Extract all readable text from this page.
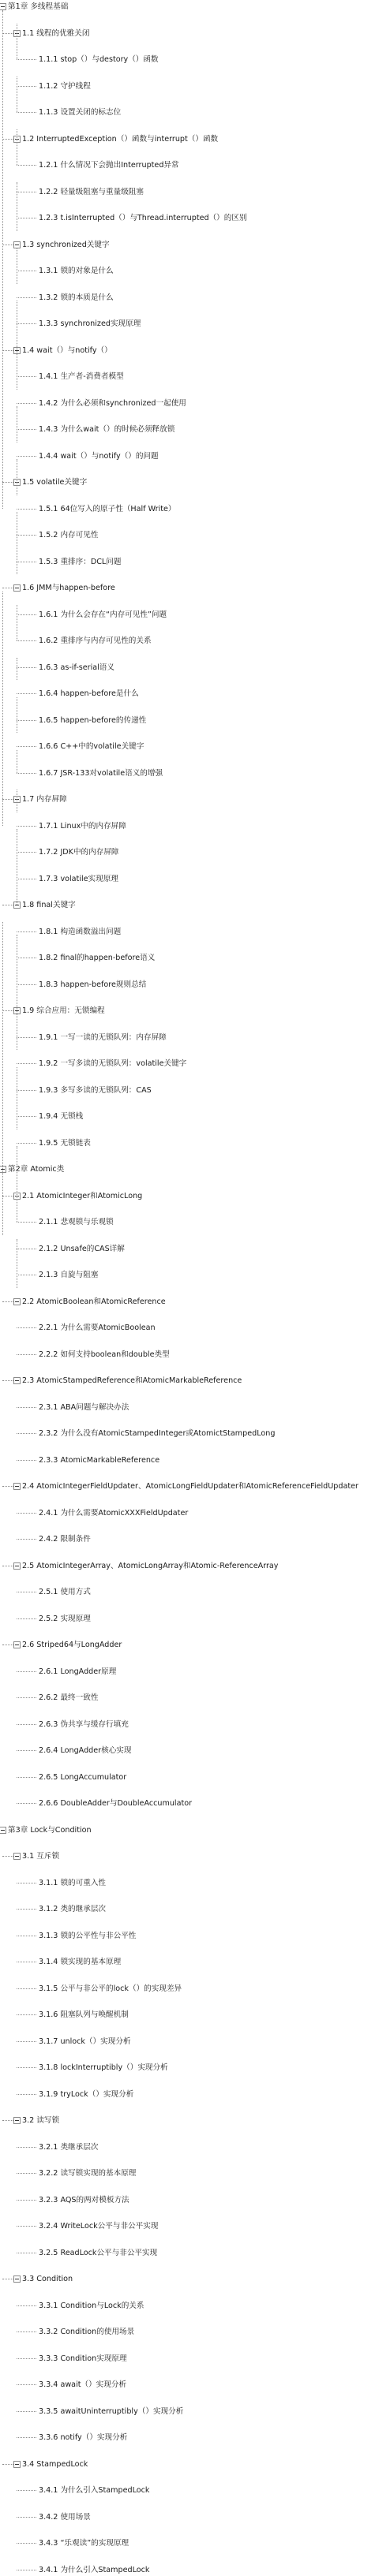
第1章 多线程基础
1.1 线程的优雅关闭
1.1.1 stop（）与destory（）函数
1.1.2 守护线程
1.1.3 设置关闭的标志位
1.2 InterruptedException（）函数与interrupt（）函数
1.2.1 什么情况下会抛出Interrupted异常
1.2.2 轻量级阻塞与重量级阻塞
1.2.3 t.isInterrupted（）与Thread.interrupted（）的区别
1.3 synchronized关键字
1.3.1 锁的对象是什么
1.3.2 锁的本质是什么
1.3.3 synchronized实现原理
1.4 wait（）与notify（）
1.4.1 生产者-消费者模型
1.4.2 为什么必须和synchronized一起使用
1.4.3 为什么wait（）的时候必须释放锁
1.4.4 wait（）与notify（）的问题
1.5 volatile关键字
1.5.1 64位写入的原子性（Half Write）
1.5.2 内存可见性
1.5.3 重排序：DCL问题
1.6 JMM与happen-before
1.6.1 为什么会存在“内存可见性”问题
1.6.2 重排序与内存可见性的关系
1.6.3 as-if-serial语义
1.6.4 happen-before是什么
1.6.5 happen-before的传递性
1.6.6 C++中的volatile关键字
1.6.7 JSR-133对volatile语义的增强
1.7 内存屏障
1.7.1 Linux中的内存屏障
1.7.2 JDK中的内存屏障
1.7.3 volatile实现原理
1.8 final关键字
1.8.1 构造函数溢出问题
1.8.2 final的happen-before语义
1.8.3 happen-before规则总结
1.9 综合应用：无锁编程
1.9.1 一写一读的无锁队列：内存屏障
1.9.2 一写多读的无锁队列：volatile关键字
1.9.3 多写多读的无锁队列：CAS
1.9.4 无锁栈
1.9.5 无锁链表
第2章 Atomic类
2.1 AtomicInteger和AtomicLong
2.1.1 悲观锁与乐观锁
2.1.2 Unsafe的CAS详解
2.1.3 自旋与阻塞
2.2 AtomicBoolean和AtomicReference
2.2.1 为什么需要AtomicBoolean
2.2.2 如何支持boolean和double类型
2.3 AtomicStampedReference和AtomicMarkableReference
2.3.1 ABA问题与解决办法
2.3.2 为什么没有AtomicStampedInteger或AtomictStampedLong
2.3.3 AtomicMarkableReference
2.4 AtomicIntegerFieldUpdater、AtomicLongFieldUpdater和AtomicReferenceFieldUpdater
2.4.1 为什么需要AtomicXXXFieldUpdater
2.4.2 限制条件
2.5 AtomicIntegerArray、AtomicLongArray和Atomic-ReferenceArray
2.5.1 使用方式
2.5.2 实现原理
2.6 Striped64与LongAdder
2.6.1 LongAdder原理
2.6.2 最终一致性
2.6.3 伪共享与缓存行填充
2.6.4 LongAdder核心实现
2.6.5 LongAccumulator
2.6.6 DoubleAdder与DoubleAccumulator
第3章 Lock与Condition
3.1 互斥锁
3.1.1 锁的可重入性
3.1.2 类的继承层次
3.1.3 锁的公平性与非公平性
3.1.4 锁实现的基本原理
3.1.5 公平与非公平的lock（）的实现差异
3.1.6 阻塞队列与唤醒机制
3.1.7 unlock（）实现分析
3.1.8 lockInterruptibly（）实现分析
3.1.9 tryLock（）实现分析
3.2 读写锁
3.2.1 类继承层次
3.2.2 读写锁实现的基本原理
3.2.3 AQS的两对模板方法
3.2.4 WriteLock公平与非公平实现
3.2.5 ReadLock公平与非公平实现
3.3 Condition
3.3.1 Condition与Lock的关系
3.3.2 Condition的使用场景
3.3.3 Condition实现原理
3.3.4 await（）实现分析
3.3.5 awaitUninterruptibly（）实现分析
3.3.6 notify（）实现分析
3.4 StampedLock
3.4.1 为什么引入StampedLock
3.4.2 使用场景
3.4.3 “乐观读”的实现原理
3.4.1 为什么引入StampedLock
